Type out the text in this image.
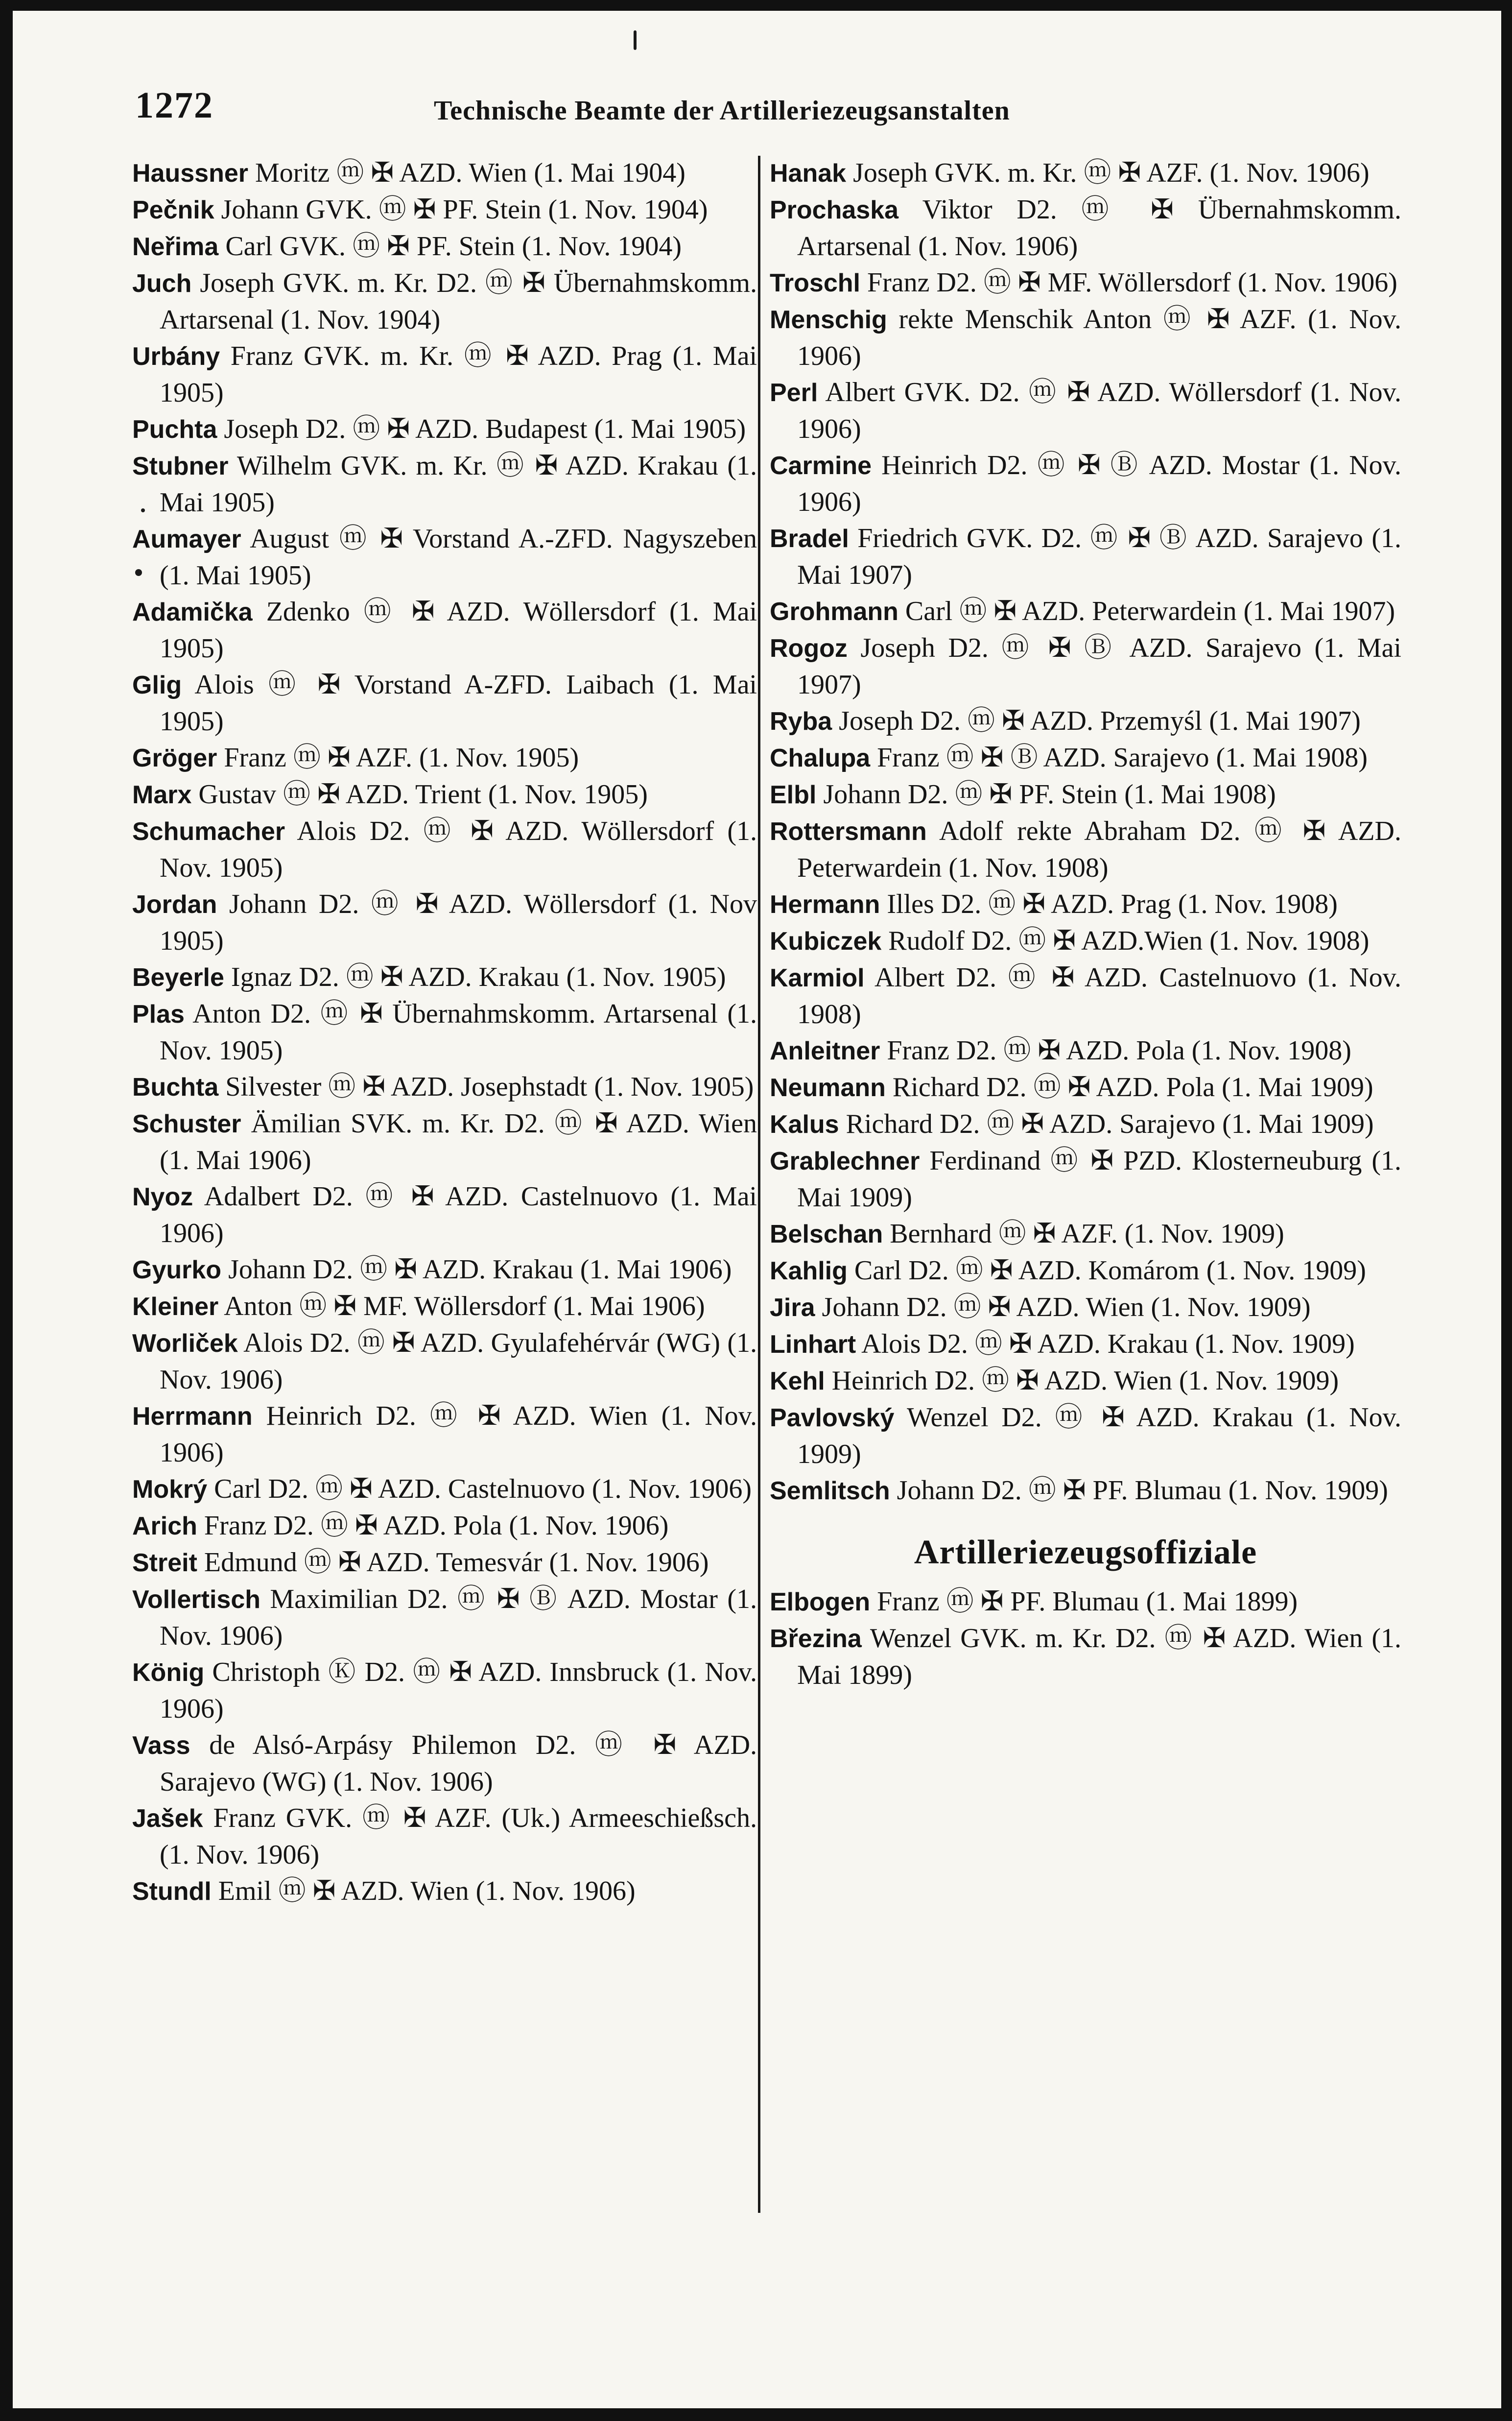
1272	Technische Beamte der Artilleriezeugsanstalten
Haussner Moritz ⓜ ✠ AZD. Wien (1. Mai 1904)
Pečnik Johann GVK. ⓜ ✠ PF. Stein (1. Nov. 1904)
Neřima Carl GVK. ⓜ ✠ PF. Stein (1. Nov. 1904)
Juch Joseph GVK. m. Kr. D2. ⓜ ✠ Übernahmskomm. Artarsenal (1. Nov. 1904)
Urbány Franz GVK. m. Kr. ⓜ ✠ AZD. Prag (1. Mai 1905)
Puchta Joseph D2. ⓜ ✠ AZD. Budapest (1. Mai 1905)
Stubner Wilhelm GVK. m. Kr. ⓜ ✠ AZD. Krakau (1. Mai 1905)
Aumayer August ⓜ ✠ Vorstand A.-ZFD. Nagyszeben (1. Mai 1905)
Adamička Zdenko ⓜ ✠ AZD. Wöllersdorf (1. Mai 1905)
Glig Alois ⓜ ✠ Vorstand A-ZFD. Laibach (1. Mai 1905)
Gröger Franz ⓜ ✠ AZF. (1. Nov. 1905)
Marx Gustav ⓜ ✠ AZD. Trient (1. Nov. 1905)
Schumacher Alois D2. ⓜ ✠ AZD. Wöllersdorf (1. Nov. 1905)
Jordan Johann D2. ⓜ ✠ AZD. Wöllersdorf (1. Nov 1905)
Beyerle Ignaz D2. ⓜ ✠ AZD. Krakau (1. Nov. 1905)
Plas Anton D2. ⓜ ✠ Übernahmskomm. Artarsenal (1. Nov. 1905)
Buchta Silvester ⓜ ✠ AZD. Josephstadt (1. Nov. 1905)
Schuster Ämilian SVK. m. Kr. D2. ⓜ ✠ AZD. Wien (1. Mai 1906)
Nyoz Adalbert D2. ⓜ ✠ AZD. Castelnuovo (1. Mai 1906)
Gyurko Johann D2. ⓜ ✠ AZD. Krakau (1. Mai 1906)
Kleiner Anton ⓜ ✠ MF. Wöllersdorf (1. Mai 1906)
Worliček Alois D2. ⓜ ✠ AZD. Gyulafehérvár (WG) (1. Nov. 1906)
Herrmann Heinrich D2. ⓜ ✠ AZD. Wien (1. Nov. 1906)
Mokrý Carl D2. ⓜ ✠ AZD. Castelnuovo (1. Nov. 1906)
Arich Franz D2. ⓜ ✠ AZD. Pola (1. Nov. 1906)
Streit Edmund ⓜ ✠ AZD. Temesvár (1. Nov. 1906)
Vollertisch Maximilian D2. ⓜ ✠ Ⓑ AZD. Mostar (1. Nov. 1906)
König Christoph Ⓚ D2. ⓜ ✠ AZD. Innsbruck (1. Nov. 1906)
Vass de Alsó-Arpásy Philemon D2. ⓜ ✠ AZD. Sarajevo (WG) (1. Nov. 1906)
Jašek Franz GVK. ⓜ ✠ AZF. (Uk.) Armeeschießsch. (1. Nov. 1906)
Stundl Emil ⓜ ✠ AZD. Wien (1. Nov. 1906)
Hanak Joseph GVK. m. Kr. ⓜ ✠ AZF. (1. Nov. 1906)
Prochaska Viktor D2. ⓜ ✠ Übernahmskomm. Artarsenal (1. Nov. 1906)
Troschl Franz D2. ⓜ ✠ MF. Wöllersdorf (1. Nov. 1906)
Menschig rekte Menschik Anton ⓜ ✠ AZF. (1. Nov. 1906)
Perl Albert GVK. D2. ⓜ ✠ AZD. Wöllersdorf (1. Nov. 1906)
Carmine Heinrich D2. ⓜ ✠ Ⓑ AZD. Mostar (1. Nov. 1906)
Bradel Friedrich GVK. D2. ⓜ ✠ Ⓑ AZD. Sarajevo (1. Mai 1907)
Grohmann Carl ⓜ ✠ AZD. Peterwardein (1. Mai 1907)
Rogoz Joseph D2. ⓜ ✠ Ⓑ AZD. Sarajevo (1. Mai 1907)
Ryba Joseph D2. ⓜ ✠ AZD. Przemyśl (1. Mai 1907)
Chalupa Franz ⓜ ✠ Ⓑ AZD. Sarajevo (1. Mai 1908)
Elbl Johann D2. ⓜ ✠ PF. Stein (1. Mai 1908)
Rottersmann Adolf rekte Abraham D2. ⓜ ✠ AZD. Peterwardein (1. Nov. 1908)
Hermann Illes D2. ⓜ ✠ AZD. Prag (1. Nov. 1908)
Kubiczek Rudolf D2. ⓜ ✠ AZD.Wien (1. Nov. 1908)
Karmiol Albert D2. ⓜ ✠ AZD. Castelnuovo (1. Nov. 1908)
Anleitner Franz D2. ⓜ ✠ AZD. Pola (1. Nov. 1908)
Neumann Richard D2. ⓜ ✠ AZD. Pola (1. Mai 1909)
Kalus Richard D2. ⓜ ✠ AZD. Sarajevo (1. Mai 1909)
Grablechner Ferdinand ⓜ ✠ PZD. Klosterneuburg (1. Mai 1909)
Belschan Bernhard ⓜ ✠ AZF. (1. Nov. 1909)
Kahlig Carl D2. ⓜ ✠ AZD. Komárom (1. Nov. 1909)
Jira Johann D2. ⓜ ✠ AZD. Wien (1. Nov. 1909)
Linhart Alois D2. ⓜ ✠ AZD. Krakau (1. Nov. 1909)
Kehl Heinrich D2. ⓜ ✠ AZD. Wien (1. Nov. 1909)
Pavlovský Wenzel D2. ⓜ ✠ AZD. Krakau (1. Nov. 1909)
Semlitsch Johann D2. ⓜ ✠ PF. Blumau (1. Nov. 1909)
Artilleriezeugsoffiziale
Elbogen Franz ⓜ ✠ PF. Blumau (1. Mai 1899)
Březina Wenzel GVK. m. Kr. D2. ⓜ ✠ AZD. Wien (1. Mai 1899)
